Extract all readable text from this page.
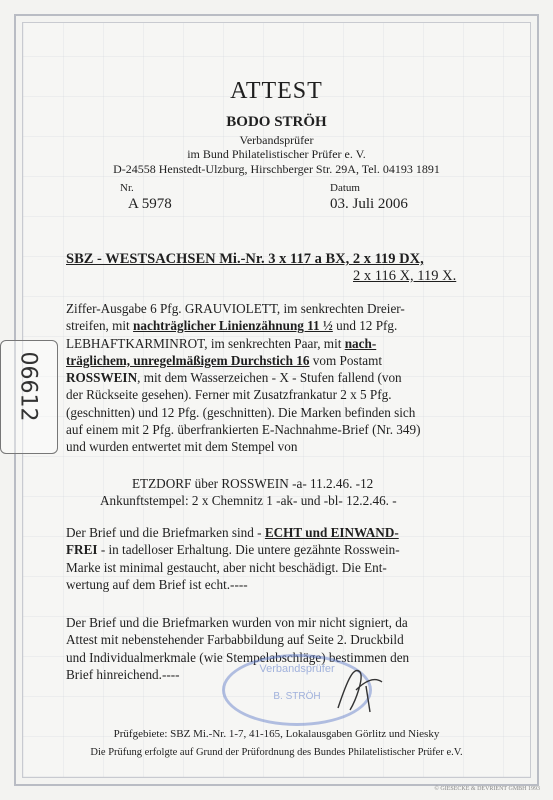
ATTEST
BODO STRÖH
Verbandsprüfer
im Bund Philatelistischer Prüfer e. V.
D-24558 Henstedt-Ulzburg, Hirschberger Str. 29A, Tel. 04193 1891
Nr.
A 5978
Datum
03. Juli 2006
SBZ - WESTSACHSEN Mi.-Nr. 3 x 117 a BX, 2 x 119 DX,
2 x 116 X, 119 X.
06612
Ziffer-Ausgabe 6 Pfg. GRAUVIOLETT, im senkrechten Dreier-
streifen, mit nachträglicher Linienzähnung 11 ½ und 12 Pfg.
LEBHAFTKARMINROT, im senkrechten Paar, mit nach-
träglichem, unregelmäßigem Durchstich 16 vom Postamt
ROSSWEIN, mit dem Wasserzeichen - X - Stufen fallend (von
der Rückseite gesehen). Ferner mit Zusatzfrankatur 2 x 5 Pfg.
(geschnitten) und 12 Pfg. (geschnitten). Die Marken befinden sich
auf einem mit 2 Pfg. überfrankierten E-Nachnahme-Brief (Nr. 349)
und wurden entwertet mit dem Stempel von
ETZDORF über ROSSWEIN -a- 11.2.46. -12
Ankunftstempel: 2 x Chemnitz 1 -ak- und -bl- 12.2.46. -
Der Brief und die Briefmarken sind - ECHT und EINWAND-
FREI - in tadelloser Erhaltung. Die untere gezähnte Rosswein-
Marke ist minimal gestaucht, aber nicht beschädigt. Die Ent-
wertung auf dem Brief ist echt.----
Der Brief und die Briefmarken wurden von mir nicht signiert, da
Attest mit nebenstehender Farbabbildung auf Seite 2. Druckbild
und Individualmerkmale (wie Stempelabschläge) bestimmen den
Brief hinreichend.----	Verbandsprüfer
B. STRÖH
Prüfgebiete: SBZ Mi.-Nr. 1-7, 41-165, Lokalausgaben Görlitz und Niesky
Die Prüfung erfolgte auf Grund der Prüfordnung des Bundes Philatelistischer Prüfer e.V.
© GIESECKE & DEVRIENT GMBH 1993
